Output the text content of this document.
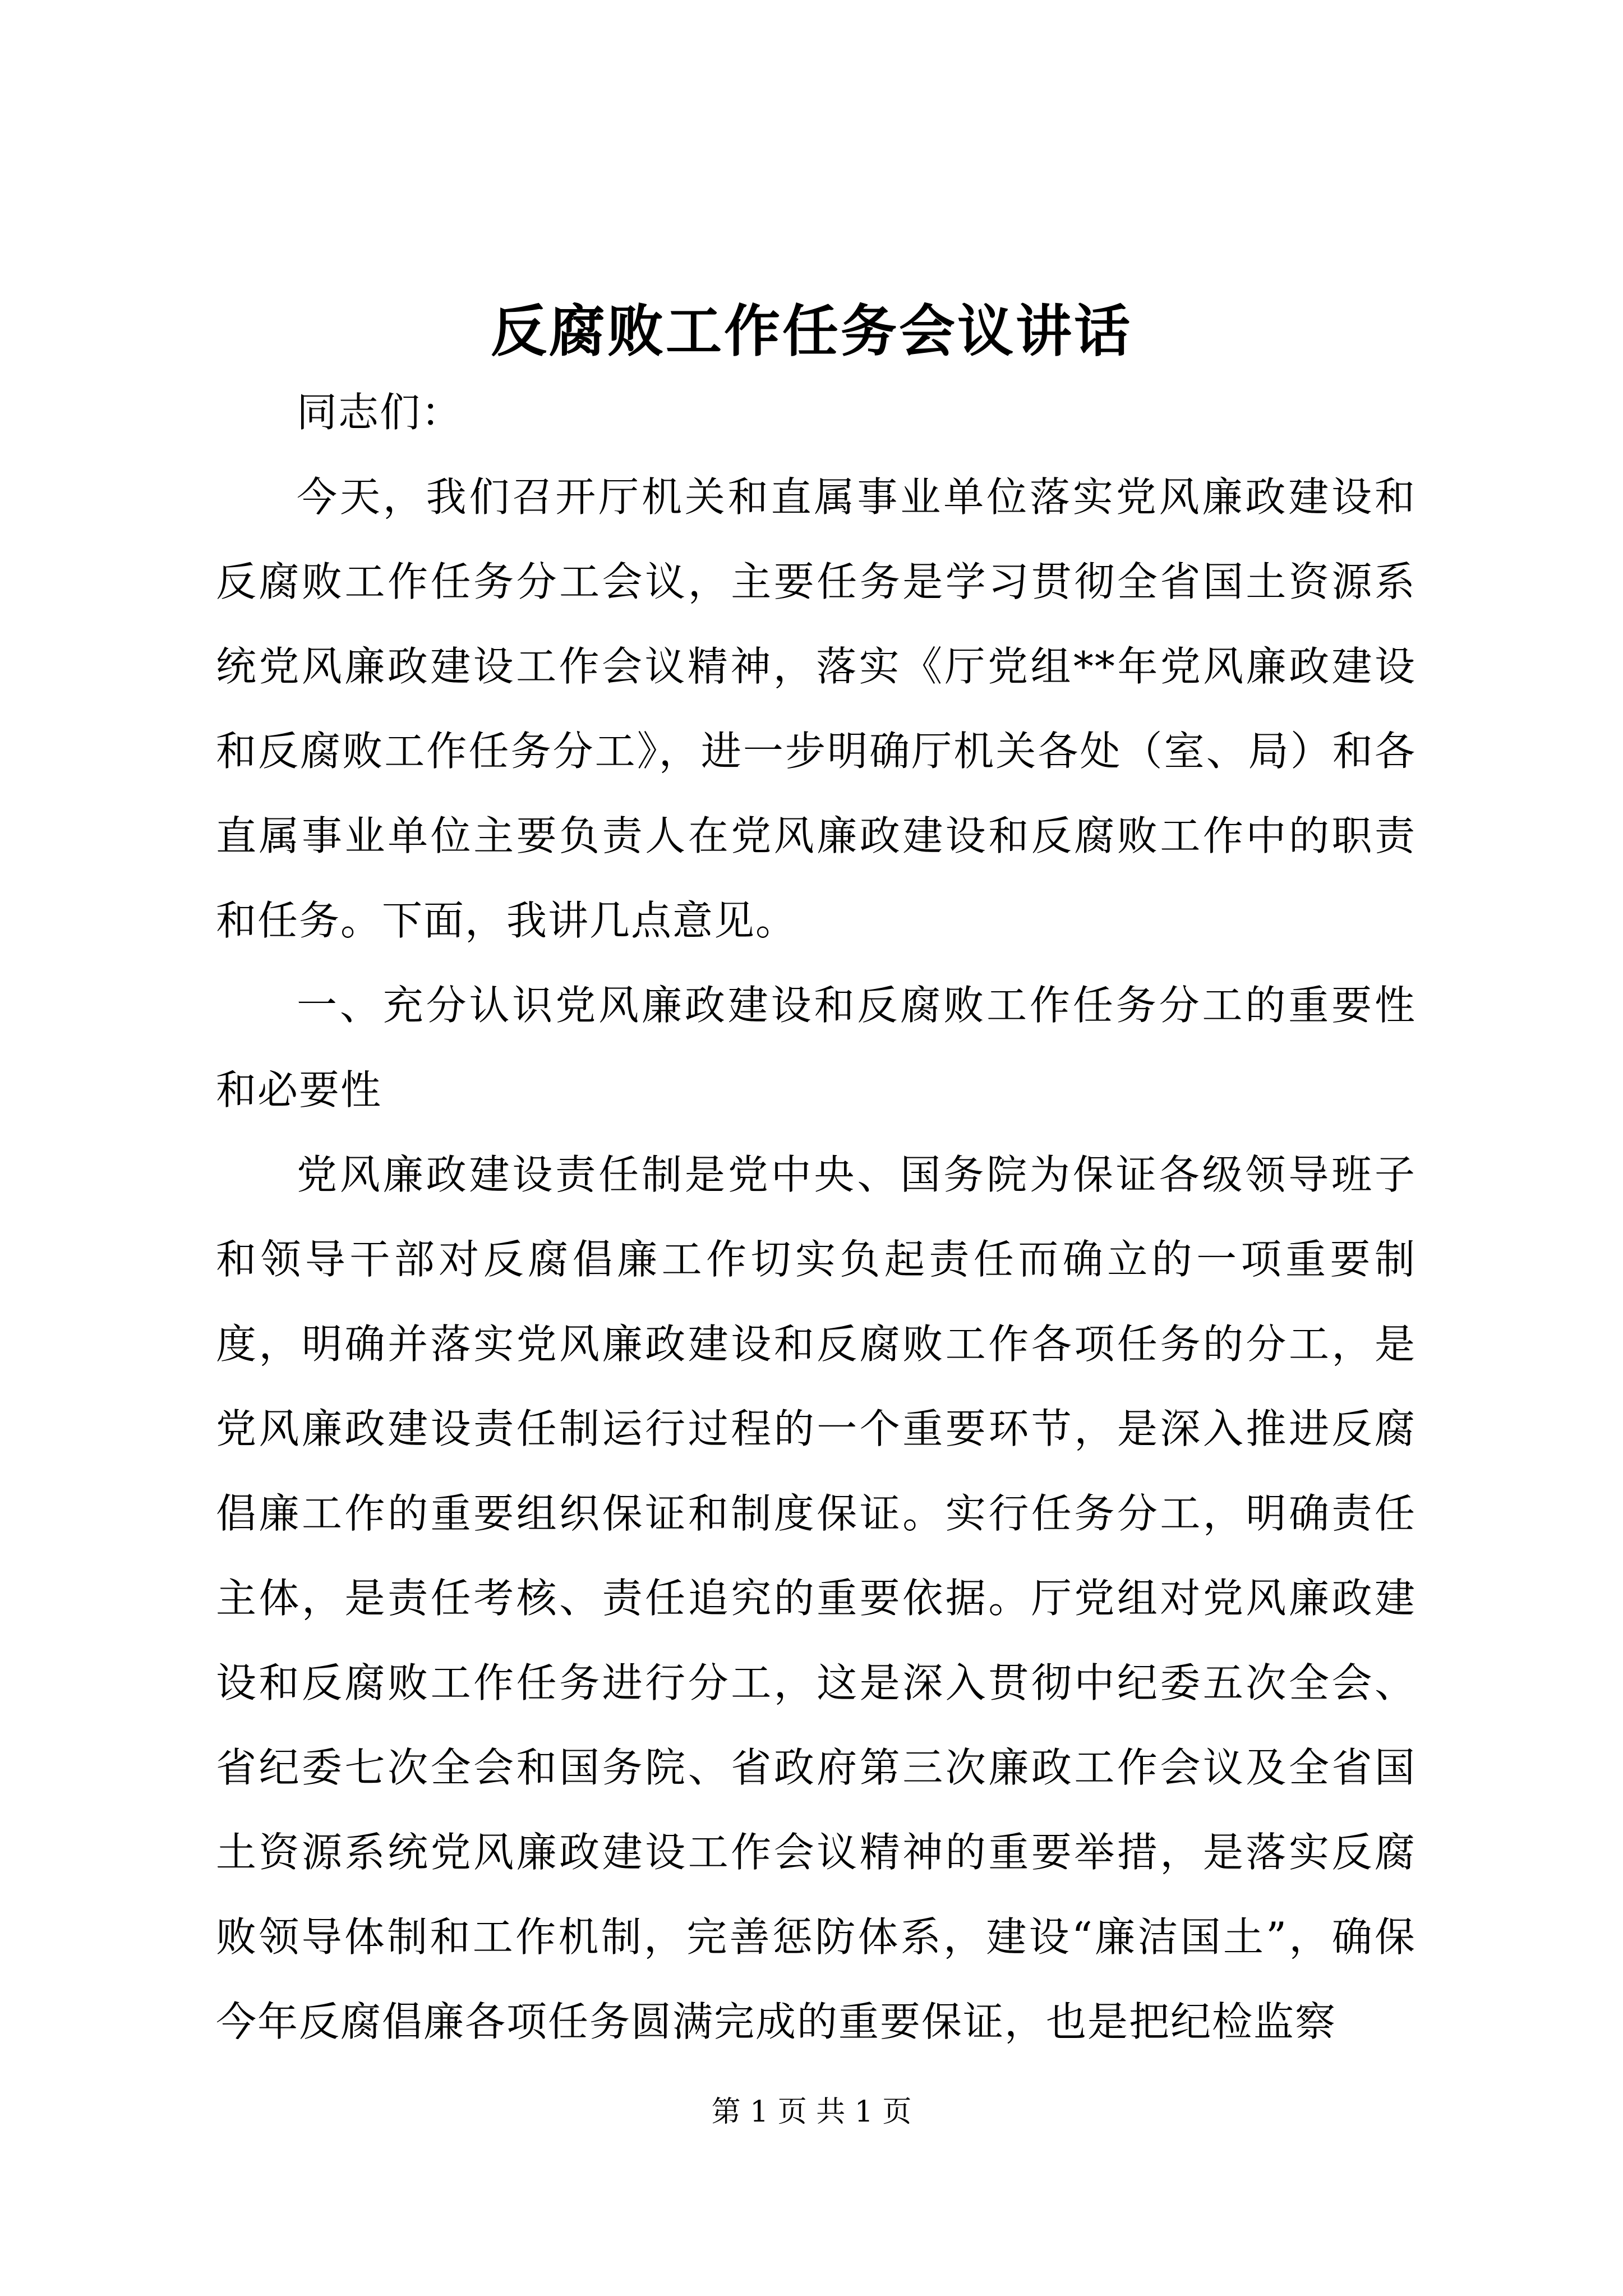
反腐败工作任务会议讲话

同志们：

今天，我们召开厅机关和直属事业单位落实党风廉政建设和反腐败工作任务分工会议，主要任务是学习贯彻全省国土资源系统党风廉政建设工作会议精神，落实《厅党组**年党风廉政建设和反腐败工作任务分工》，进一步明确厅机关各处（室、局）和各直属事业单位主要负责人在党风廉政建设和反腐败工作中的职责和任务。下面，我讲几点意见。

一、充分认识党风廉政建设和反腐败工作任务分工的重要性和必要性

党风廉政建设责任制是党中央、国务院为保证各级领导班子和领导干部对反腐倡廉工作切实负起责任而确立的一项重要制度，明确并落实党风廉政建设和反腐败工作各项任务的分工，是党风廉政建设责任制运行过程的一个重要环节，是深入推进反腐倡廉工作的重要组织保证和制度保证。实行任务分工，明确责任主体，是责任考核、责任追究的重要依据。厅党组对党风廉政建设和反腐败工作任务进行分工，这是深入贯彻中纪委五次全会、省纪委七次全会和国务院、省政府第三次廉政工作会议及全省国土资源系统党风廉政建设工作会议精神的重要举措，是落实反腐败领导体制和工作机制，完善惩防体系，建设“廉洁国土”，确保今年反腐倡廉各项任务圆满完成的重要保证，也是把纪检监察

第 1 页 共 1 页
